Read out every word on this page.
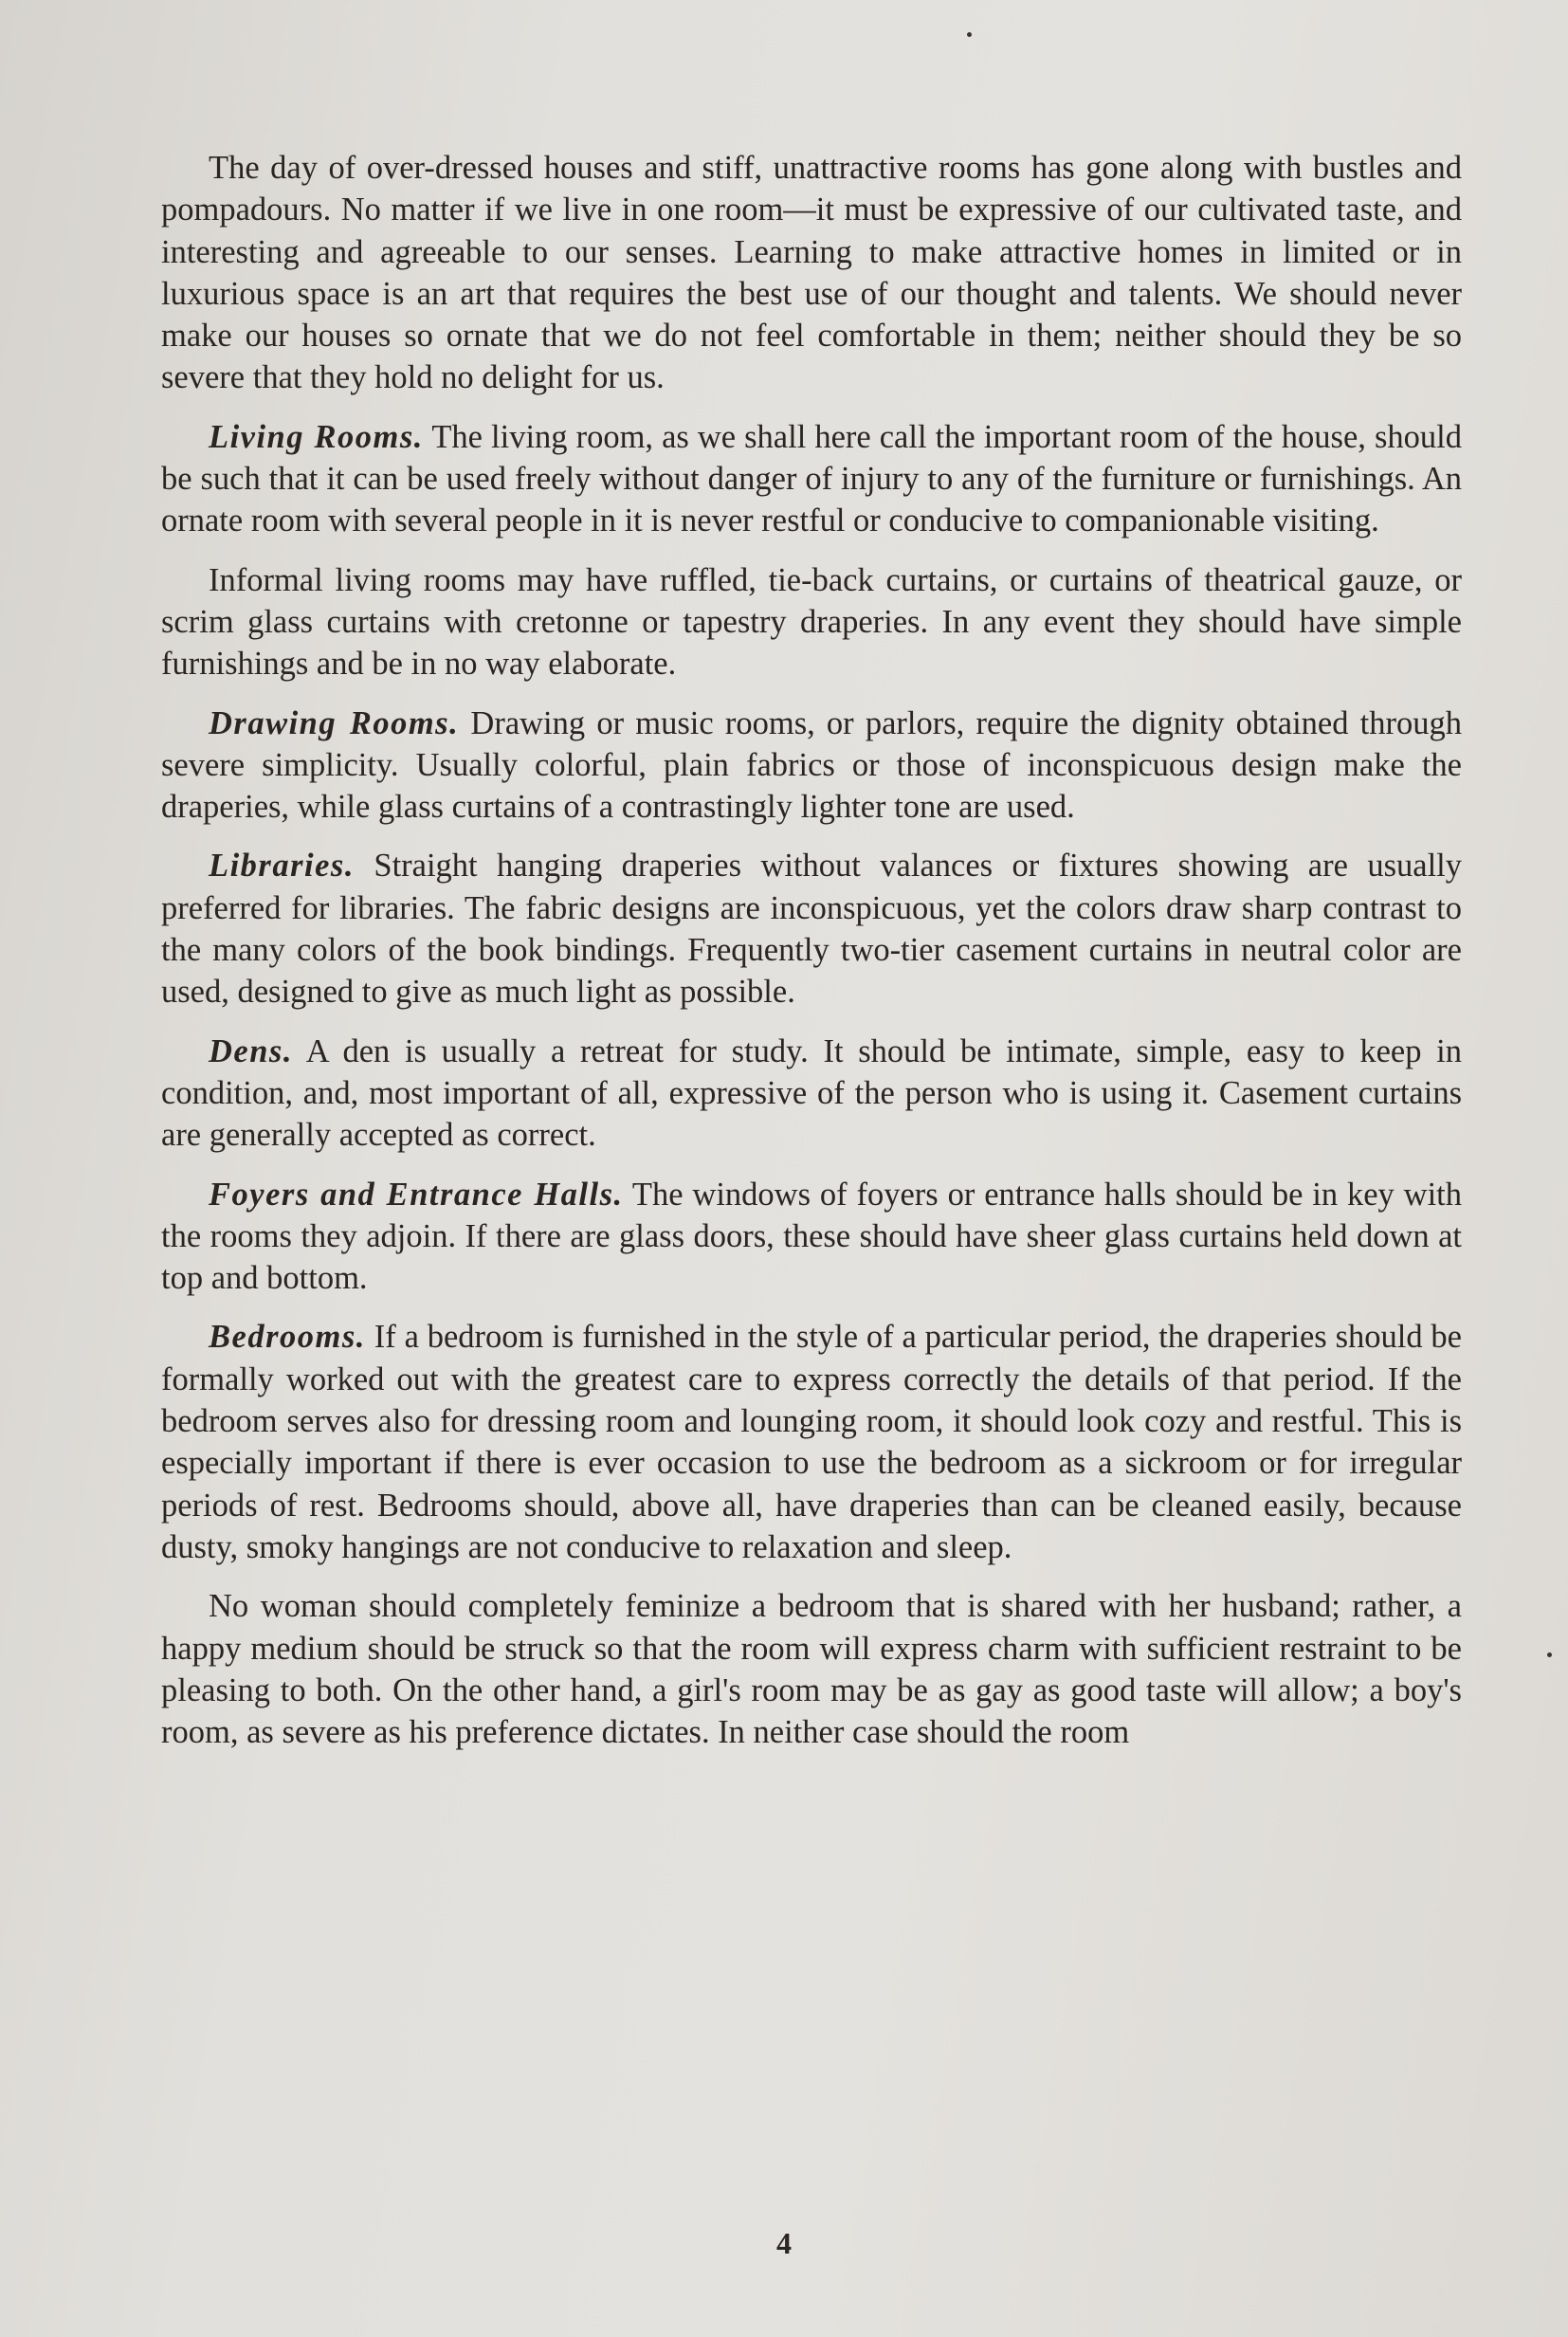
The day of over-dressed houses and stiff, unattractive rooms has gone along with bustles and pompadours. No matter if we live in one room—it must be expressive of our cultivated taste, and interesting and agreeable to our senses. Learning to make attractive homes in limited or in luxurious space is an art that requires the best use of our thought and talents. We should never make our houses so ornate that we do not feel comfortable in them; neither should they be so severe that they hold no delight for us.

Living Rooms. The living room, as we shall here call the important room of the house, should be such that it can be used freely without danger of injury to any of the furniture or furnishings. An ornate room with several people in it is never restful or conducive to companionable visiting.

Informal living rooms may have ruffled, tie-back curtains, or curtains of theatrical gauze, or scrim glass curtains with cretonne or tapestry draperies. In any event they should have simple furnishings and be in no way elaborate.

Drawing Rooms. Drawing or music rooms, or parlors, require the dignity obtained through severe simplicity. Usually colorful, plain fabrics or those of inconspicuous design make the draperies, while glass curtains of a contrastingly lighter tone are used.

Libraries. Straight hanging draperies without valances or fixtures showing are usually preferred for libraries. The fabric designs are inconspicuous, yet the colors draw sharp contrast to the many colors of the book bindings. Frequently two-tier casement curtains in neutral color are used, designed to give as much light as possible.

Dens. A den is usually a retreat for study. It should be intimate, simple, easy to keep in condition, and, most important of all, expressive of the person who is using it. Casement curtains are generally accepted as correct.

Foyers and Entrance Halls. The windows of foyers or entrance halls should be in key with the rooms they adjoin. If there are glass doors, these should have sheer glass curtains held down at top and bottom.

Bedrooms. If a bedroom is furnished in the style of a particular period, the draperies should be formally worked out with the greatest care to express correctly the details of that period. If the bedroom serves also for dressing room and lounging room, it should look cozy and restful. This is especially important if there is ever occasion to use the bedroom as a sickroom or for irregular periods of rest. Bedrooms should, above all, have draperies than can be cleaned easily, because dusty, smoky hangings are not conducive to relaxation and sleep.

No woman should completely feminize a bedroom that is shared with her husband; rather, a happy medium should be struck so that the room will express charm with sufficient restraint to be pleasing to both. On the other hand, a girl's room may be as gay as good taste will allow; a boy's room, as severe as his preference dictates. In neither case should the room

4
